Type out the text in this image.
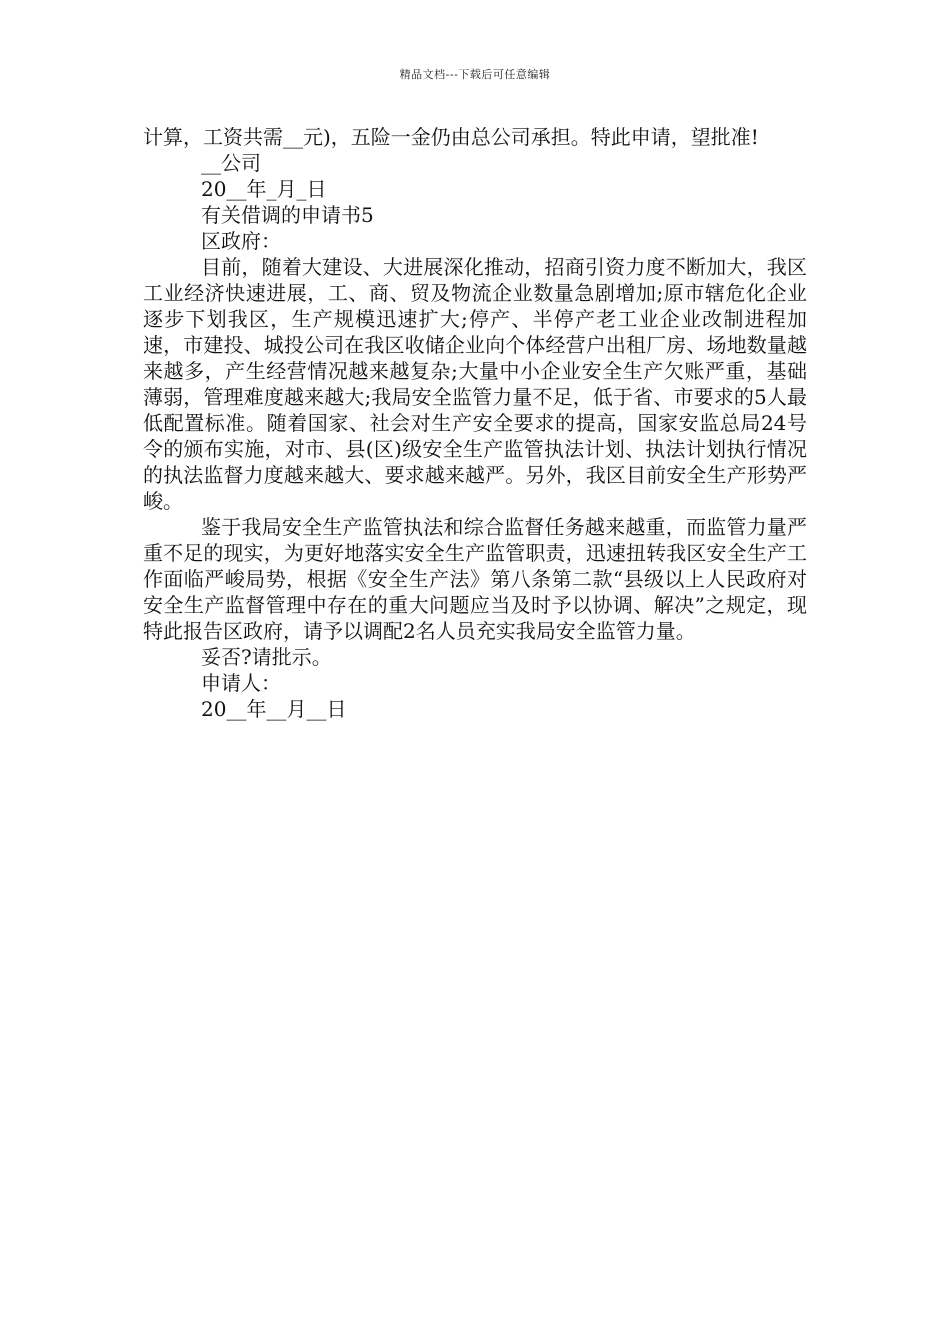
精品文档---下载后可任意编辑

计算，工资共需__元)，五险一金仍由总公司承担。特此申请，望批准!

__公司

20__年_月_日

有关借调的申请书5

区政府：

目前，随着大建设、大进展深化推动，招商引资力度不断加大，我区工业经济快速进展，工、商、贸及物流企业数量急剧增加;原市辖危化企业逐步下划我区，生产规模迅速扩大;停产、半停产老工业企业改制进程加速，市建投、城投公司在我区收储企业向个体经营户出租厂房、场地数量越来越多，产生经营情况越来越复杂;大量中小企业安全生产欠账严重，基础薄弱，管理难度越来越大;我局安全监管力量不足，低于省、市要求的5人最低配置标准。随着国家、社会对生产安全要求的提高，国家安监总局24号令的颁布实施，对市、县(区)级安全生产监管执法计划、执法计划执行情况的执法监督力度越来越大、要求越来越严。另外，我区目前安全生产形势严峻。

鉴于我局安全生产监管执法和综合监督任务越来越重，而监管力量严重不足的现实，为更好地落实安全生产监管职责，迅速扭转我区安全生产工作面临严峻局势，根据《安全生产法》第八条第二款“县级以上人民政府对安全生产监督管理中存在的重大问题应当及时予以协调、解决”之规定，现特此报告区政府，请予以调配2名人员充实我局安全监管力量。

妥否?请批示。

申请人：

20__年__月__日
